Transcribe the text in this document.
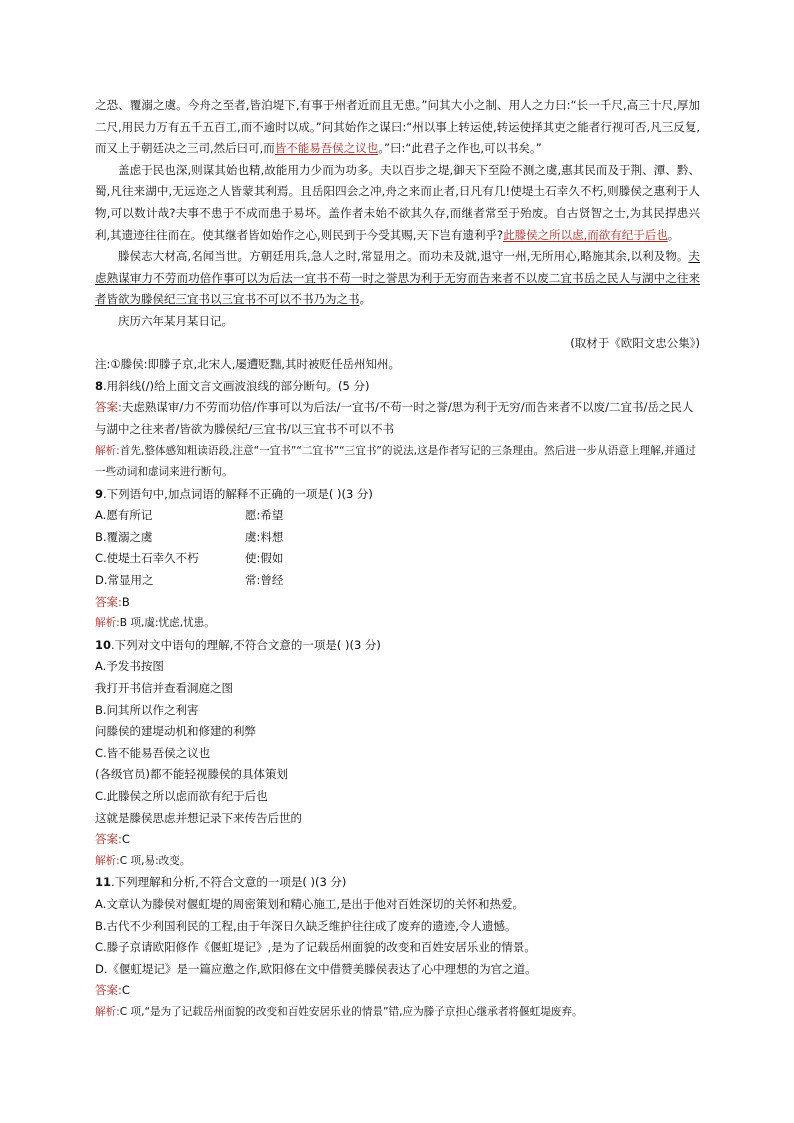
之恐、覆溺之虞。今舟之至者,皆泊堤下,有事于州者近而且无患。”问其大小之制、用人之力曰:“长一千尺,高三十尺,厚加二尺,用民力万有五千五百工,而不逾时以成。”问其始作之谋曰:“州以事上转运使,转运使择其吏之能者行视可否,凡三反复,而又上于朝廷决之三司,然后曰可,而皆不能易吾侯之议也。”曰:“此君子之作也,可以书矣。”

盖虑于民也深,则谋其始也精,故能用力少而为功多。夫以百步之堤,御天下至险不测之虞,惠其民而及于荆、潭、黔、蜀,凡往来湖中,无远迩之人皆蒙其利焉。且岳阳四会之冲,舟之来而止者,日凡有几!使堤土石幸久不朽,则滕侯之惠利于人物,可以数计哉?夫事不患于不成而患于易坏。盖作者未始不欲其久存,而继者常至于殆废。自古贤智之士,为其民捍患兴利,其遗迹往往而在。使其继者皆如始作之心,则民到于今受其赐,天下岂有遗利乎?此滕侯之所以虑,而欲有纪于后也。

滕侯志大材高,名闻当世。方朝廷用兵,急人之时,常显用之。而功未及就,退守一州,无所用心,略施其余,以利及物。夫虑熟谋审力不劳而功倍作事可以为后法一宜书不苟一时之誉思为利于无穷而告来者不以废二宜书岳之民人与湖中之往来者皆欲为滕侯纪三宜书以三宜书不可以不书乃为之书。

庆历六年某月某日记。

(取材于《欧阳文忠公集》)

注:①滕侯:即滕子京,北宋人,屡遭贬黜,其时被贬任岳州知州。

8.用斜线(/)给上面文言文画波浪线的部分断句。(5 分)

答案:夫虑熟谋审/力不劳而功倍/作事可以为后法/一宜书/不苟一时之誉/思为利于无穷/而告来者不以废/二宜书/岳之民人与湖中之往来者/皆欲为滕侯纪/三宜书/以三宜书不可以不书

解析:首先,整体感知粗读语段,注意“一宜书”“二宜书”“三宜书”的说法,这是作者写记的三条理由。然后进一步从语意上理解,并通过一些动词和虚词来进行断句。

9.下列语句中,加点词语的解释不正确的一项是( )(3 分)

A.愿有所记	愿:希望
B.覆溺之虞	虞:料想
C.使堤土石幸久不朽	使:假如
D.常显用之	常:曾经

答案:B

解析:B 项,虞:忧虑,忧患。

10.下列对文中语句的理解,不符合文意的一项是( )(3 分)

A.予发书按图

我打开书信并查看洞庭之图

B.问其所以作之利害

问滕侯的建堤动机和修建的利弊

C.皆不能易吾侯之议也

(各级官员)都不能轻视滕侯的具体策划

C.此滕侯之所以虑而欲有纪于后也

这就是滕侯思虑并想记录下来传告后世的

答案:C

解析:C 项,易:改变。

11.下列理解和分析,不符合文意的一项是( )(3 分)

A.文章认为滕侯对偃虹堤的周密策划和精心施工,是出于他对百姓深切的关怀和热爱。

B.古代不少利国利民的工程,由于年深日久缺乏维护往往成了废弃的遗迹,令人遗憾。

C.滕子京请欧阳修作《偃虹堤记》,是为了记载岳州面貌的改变和百姓安居乐业的情景。

D.《偃虹堤记》是一篇应邀之作,欧阳修在文中借赞美滕侯表达了心中理想的为官之道。

答案:C

解析:C 项,“是为了记载岳州面貌的改变和百姓安居乐业的情景”错,应为滕子京担心继承者将偃虹堤废弃。
